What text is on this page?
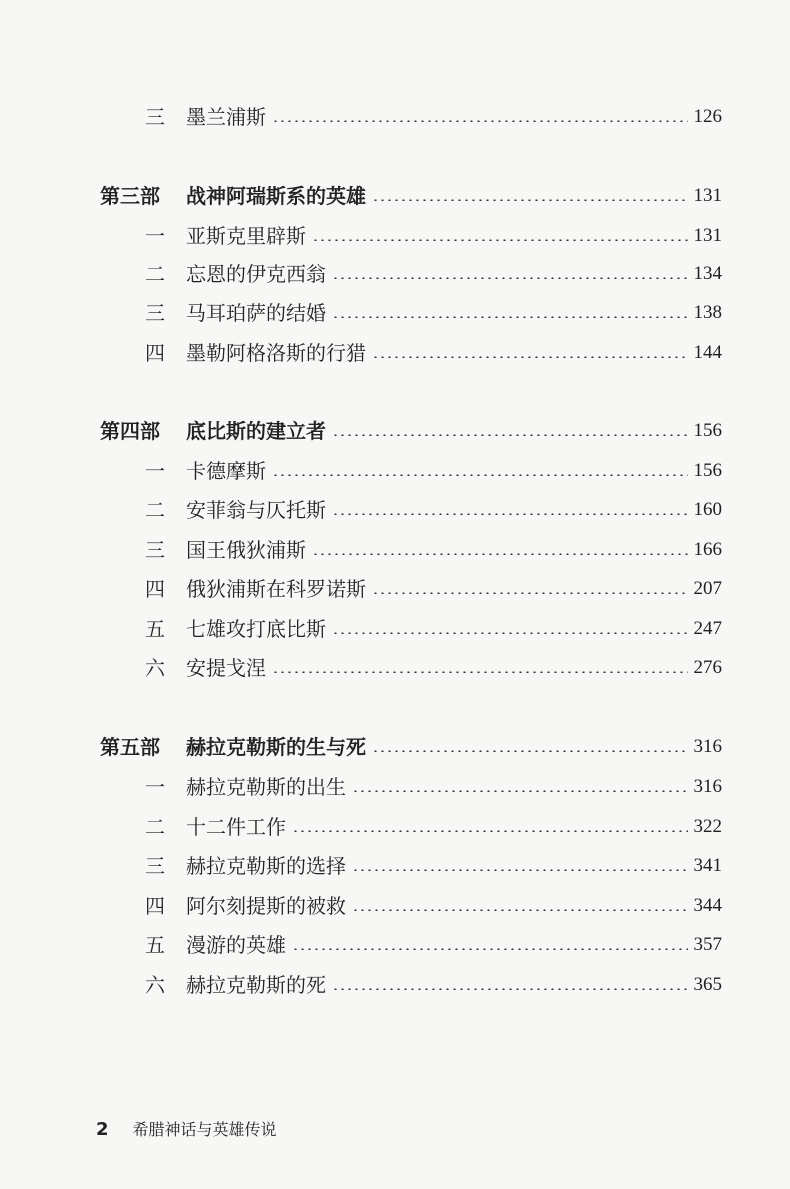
三	墨兰浦斯	126
第三部	战神阿瑞斯系的英雄	131
一	亚斯克里辟斯	131
二	忘恩的伊克西翁	134
三	马耳珀萨的结婚	138
四	墨勒阿格洛斯的行猎	144
第四部	底比斯的建立者	156
一	卡德摩斯	156
二	安菲翁与仄托斯	160
三	国王俄狄浦斯	166
四	俄狄浦斯在科罗诺斯	207
五	七雄攻打底比斯	247
六	安提戈涅	276
第五部	赫拉克勒斯的生与死	316
一	赫拉克勒斯的出生	316
二	十二件工作	322
三	赫拉克勒斯的选择	341
四	阿尔刻提斯的被救	344
五	漫游的英雄	357
六	赫拉克勒斯的死	365
2 希腊神话与英雄传说
